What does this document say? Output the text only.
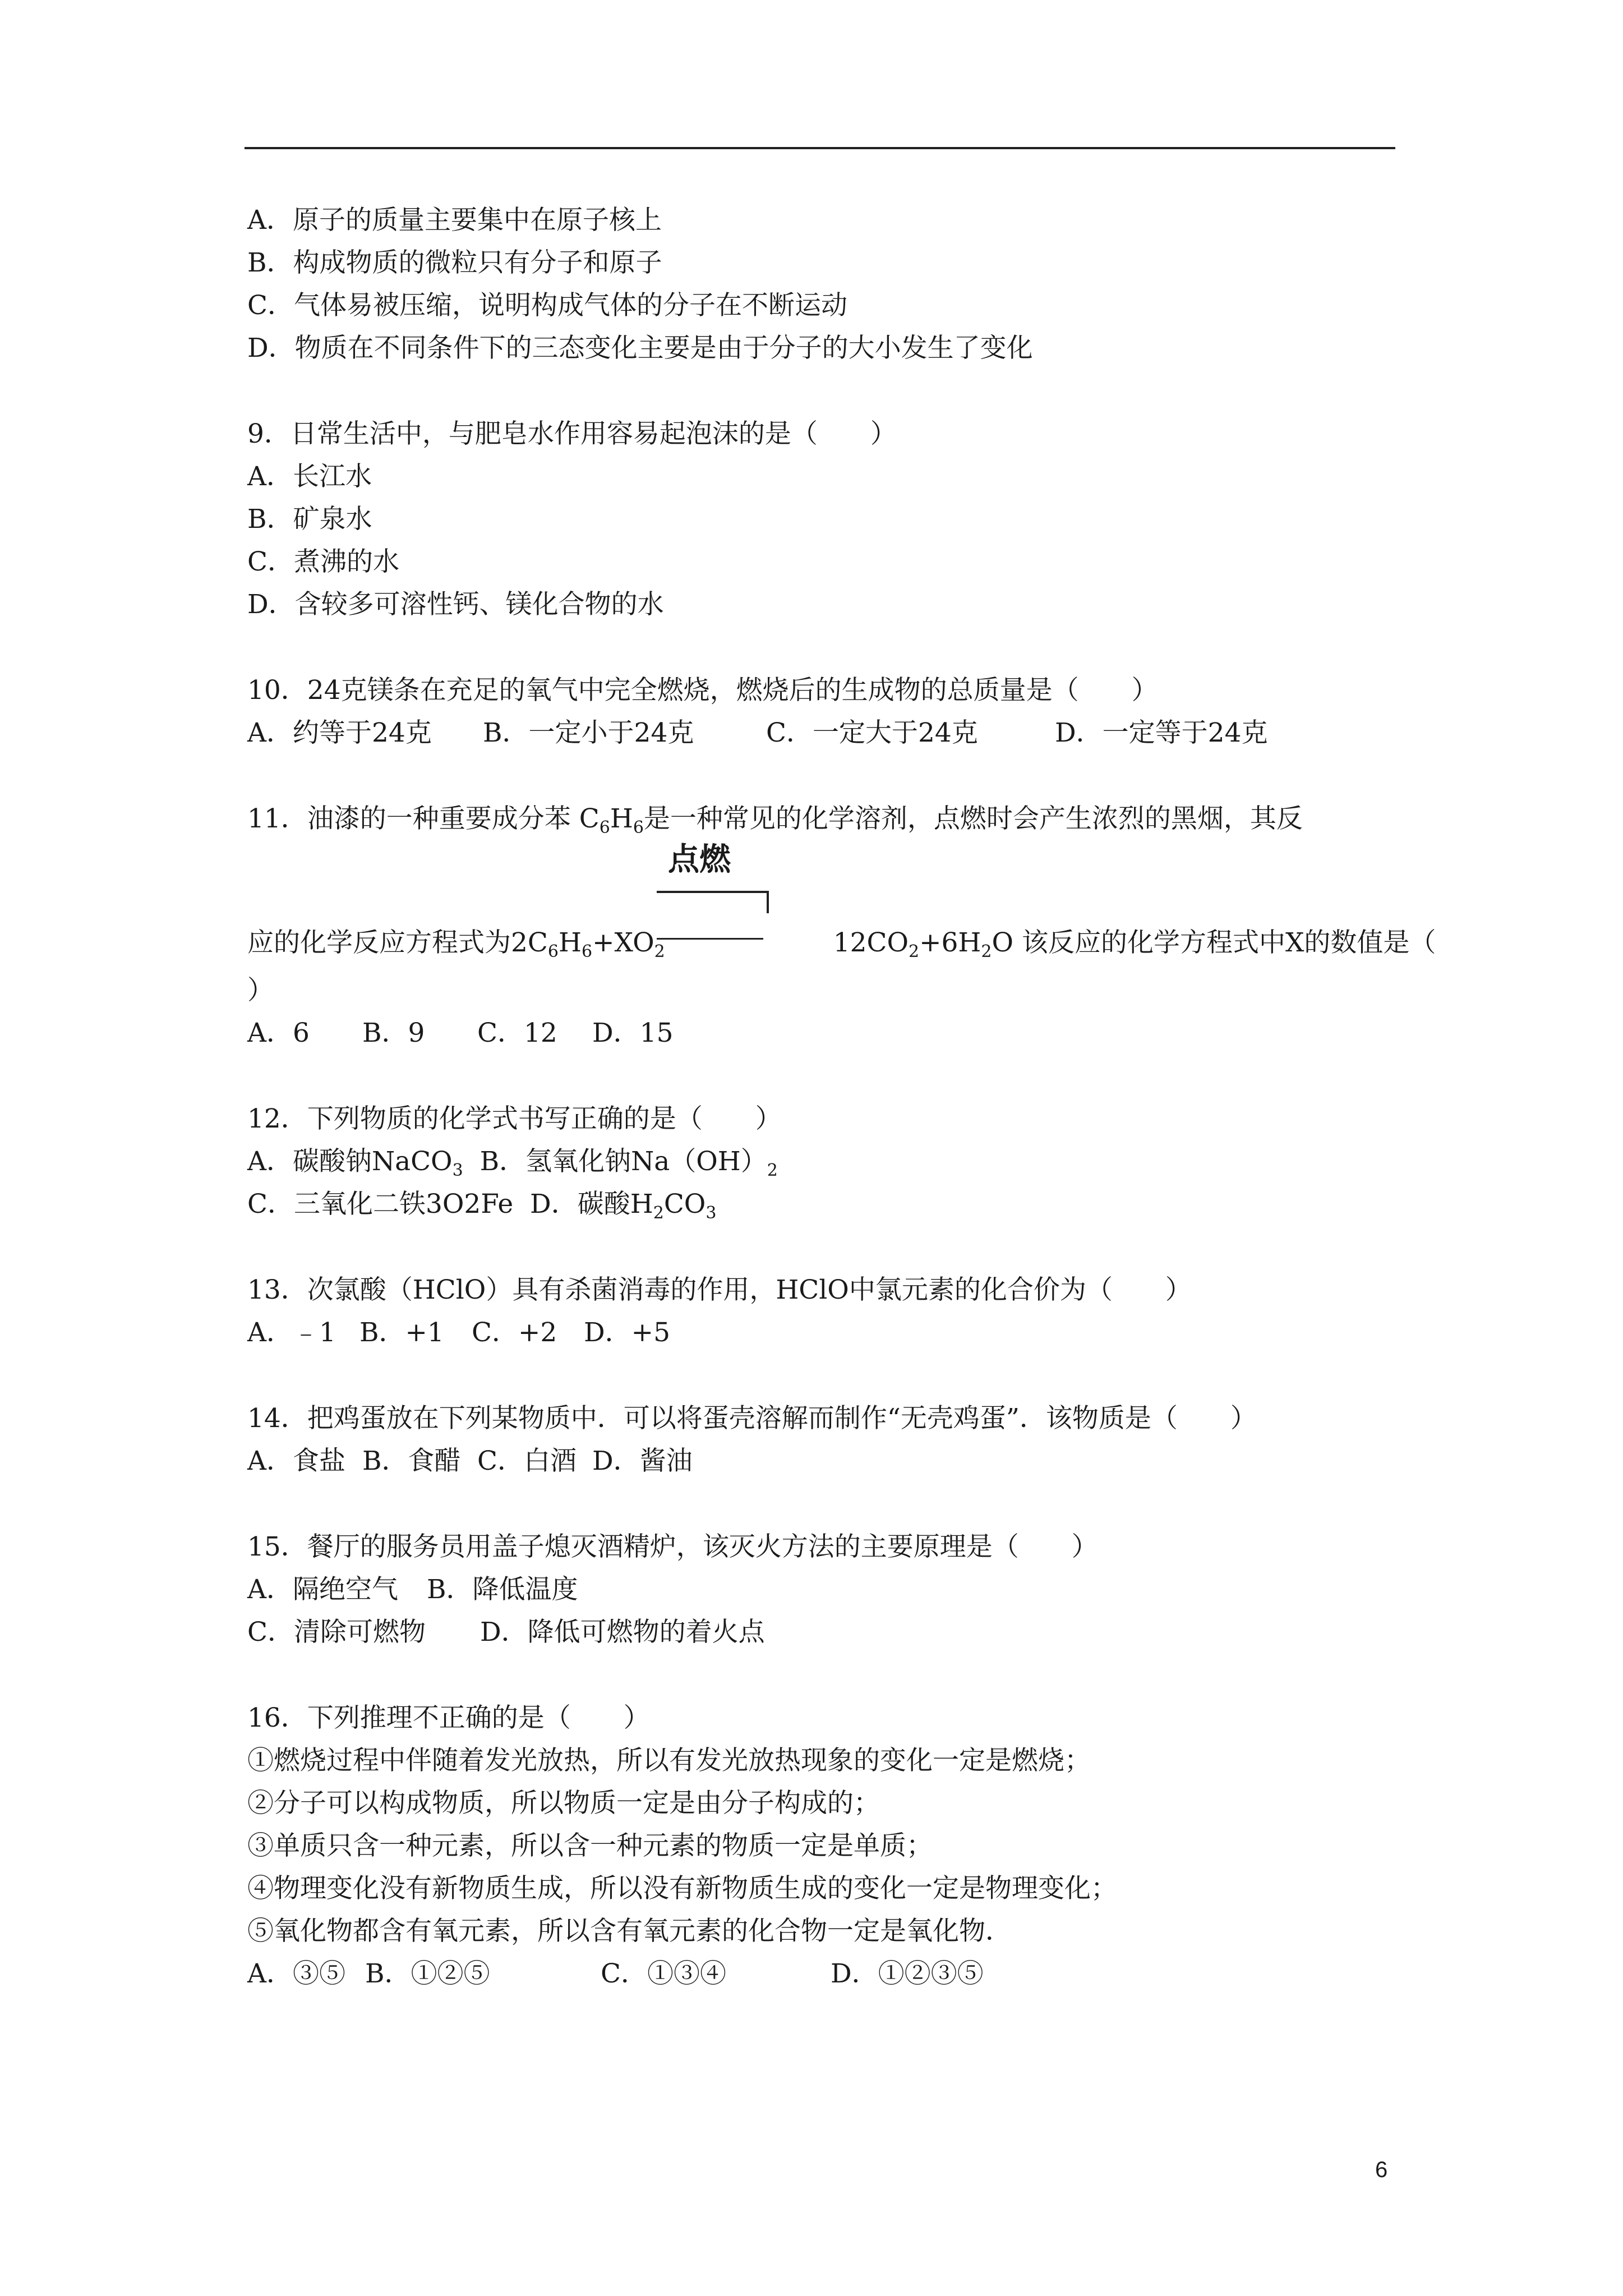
A．原子的质量主要集中在原子核上
B．构成物质的微粒只有分子和原子
C．气体易被压缩，说明构成气体的分子在不断运动
D．物质在不同条件下的三态变化主要是由于分子的大小发生了变化
9．日常生活中，与肥皂水作用容易起泡沫的是（　　）
A．长江水
B．矿泉水
C．煮沸的水
D．含较多可溶性钙、镁化合物的水
10．24克镁条在充足的氧气中完全燃烧，燃烧后的生成物的总质量是（　　）
A．约等于24克 B．一定小于24克	C．一定大于24克	D．一定等于24克
11．油漆的一种重要成分苯 $C_6H_6$是一种常见的化学溶剂，点燃时会产生浓烈的黑烟，其反
点燃
应的化学反应方程式为$2C_6H_6+XO_2$	$12CO_2+6H_2O$ 该反应的化学方程式中X的数值是（
）
A．6 B．9 C．12 D．15
12．下列物质的化学式书写正确的是（　　）
A．碳酸钠NaCO$_3$ B．氢氧化钠$Na(OH)_2$
C．三氧化二铁3O2Fe D．碳酸$H_2CO_3$
13．次氯酸（HClO）具有杀菌消毒的作用，HClO中氯元素的化合价为（　　）
A．﹣1 B．+1 C．+2 D．+5
14．把鸡蛋放在下列某物质中．可以将蛋壳溶解而制作“无壳鸡蛋”．该物质是（　　）
A．食盐 B．食醋 C．白酒 D．酱油
15．餐厅的服务员用盖子熄灭酒精炉，该灭火方法的主要原理是（　　）
A．隔绝空气 B．降低温度
C．清除可燃物 D．降低可燃物的着火点
16．下列推理不正确的是（　　）
①燃烧过程中伴随着发光放热，所以有发光放热现象的变化一定是燃烧；
②分子可以构成物质，所以物质一定是由分子构成的；
③单质只含一种元素，所以含一种元素的物质一定是单质；
④物理变化没有新物质生成，所以没有新物质生成的变化一定是物理变化；
⑤氧化物都含有氧元素，所以含有氧元素的化合物一定是氧化物．
A．③⑤ B．①②⑤	C．①③④	D．①②③⑤
6
